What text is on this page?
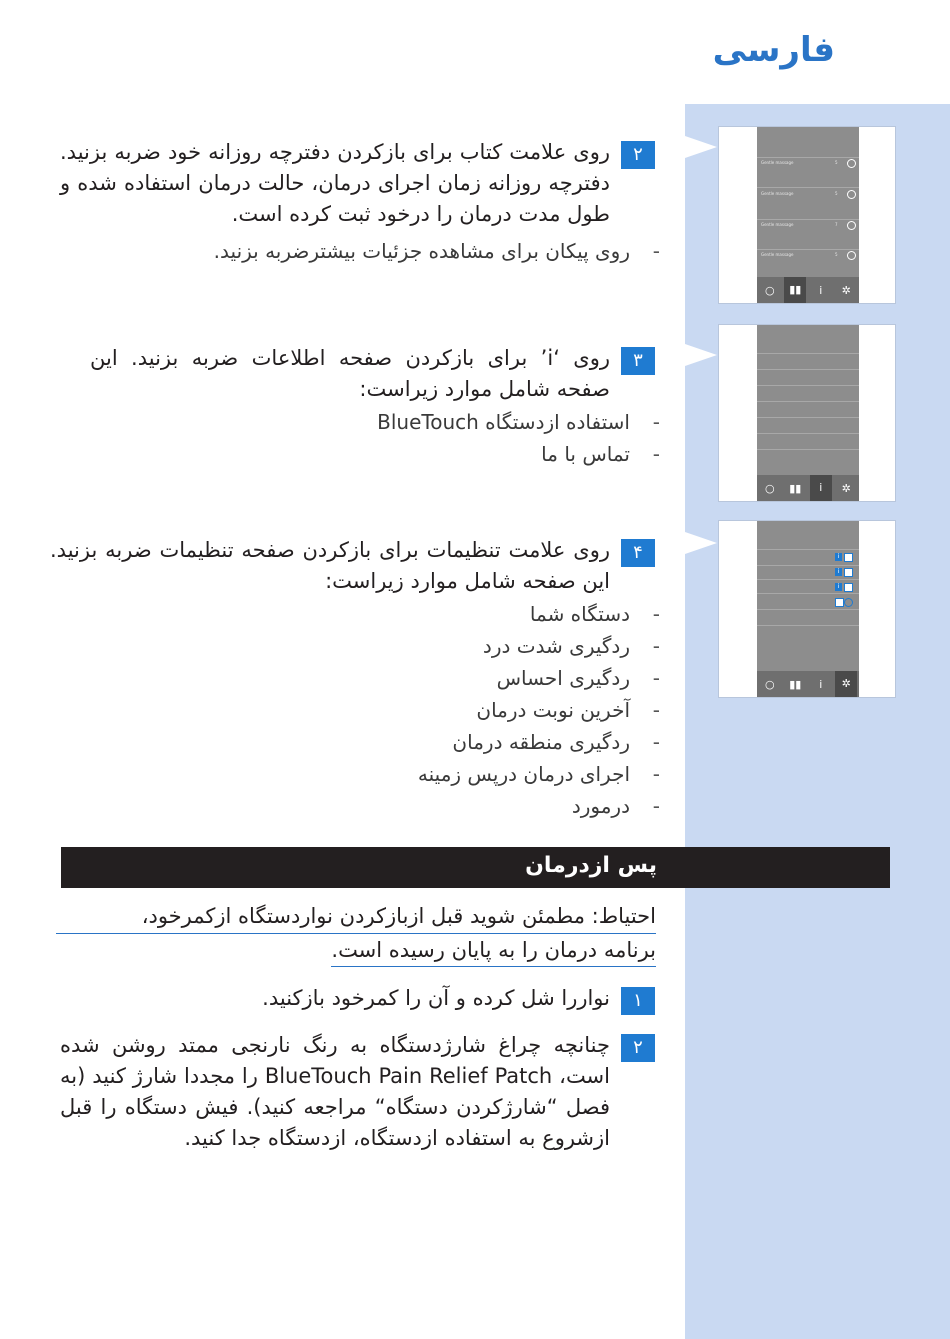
فارسی
۲

روی علامت کتاب برای بازکردن دفترچه روزانه خود ضربه بزنید. دفترچه روزانه زمان اجرای درمان، حالت درمان استفاده شده و طول مدت درمان را درخود ثبت کرده است.

-
روی پیکان برای مشاهده جزئیات بیشترضربه بزنید.
۳

روی ‘i’ برای بازکردن صفحه اطلاعات ضربه بزنید. این صفحه شامل موارد زیراست:

-
استفاده ازدستگاه BlueTouch
-
تماس با ما
۴

روی علامت تنظیمات برای بازکردن صفحه تنظیمات ضربه بزنید. این صفحه شامل موارد زیراست:

-
دستگاه شما
-
ردگیری شدت درد
-
ردگیری احساس
-
آخرین نوبت درمان
-
ردگیری منطقه درمان
-
اجرای درمان درپس زمینه
-
درمورد
Gentle massage	5
Gentle massage	5
Gentle massage	7
Gentle massage	5
○	▮▮	i	✲
○	▮▮	i	✲
i
i
i
○	▮▮	i	✲
پس ازدرمان
احتیاط: مطمئن شوید قبل ازبازکردن نواردستگاه ازکمرخود،
برنامه درمان را به پایان رسیده است.
۱

نواررا شل کرده و آن را کمرخود بازکنید.

۲

چنانچه چراغ شارژدستگاه به رنگ نارنجی ممتد روشن شده است، BlueTouch Pain Relief Patch را مجددا شارژ کنید (به فصل “شارژکردن دستگاه“ مراجعه کنید). فیش دستگاه را قبل ازشروع به استفاده ازدستگاه، ازدستگاه جدا کنید.
